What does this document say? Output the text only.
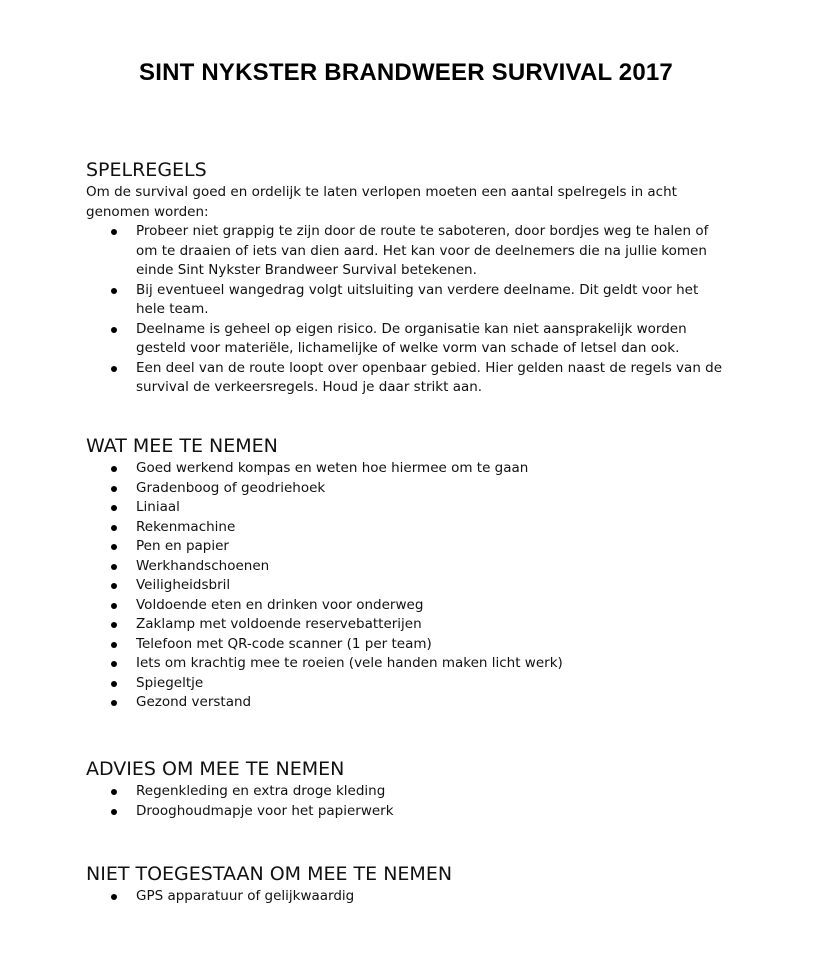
SINT NYKSTER BRANDWEER SURVIVAL 2017
SPELREGELS

Om de survival goed en ordelijk te laten verlopen moeten een aantal spelregels in acht genomen worden:

Probeer niet grappig te zijn door de route te saboteren, door bordjes weg te halen of om te draaien of iets van dien aard. Het kan voor de deelnemers die na jullie komen einde Sint Nykster Brandweer Survival betekenen.
Bij eventueel wangedrag volgt uitsluiting van verdere deelname. Dit geldt voor het hele team.
Deelname is geheel op eigen risico. De organisatie kan niet aansprakelijk worden gesteld voor materiële, lichamelijke of welke vorm van schade of letsel dan ook.
Een deel van de route loopt over openbaar gebied. Hier gelden naast de regels van de survival de verkeersregels. Houd je daar strikt aan.
WAT MEE TE NEMEN
Goed werkend kompas en weten hoe hiermee om te gaan
Gradenboog of geodriehoek
Liniaal
Rekenmachine
Pen en papier
Werkhandschoenen
Veiligheidsbril
Voldoende eten en drinken voor onderweg
Zaklamp met voldoende reservebatterijen
Telefoon met QR-code scanner (1 per team)
Iets om krachtig mee te roeien (vele handen maken licht werk)
Spiegeltje
Gezond verstand
ADVIES OM MEE TE NEMEN
Regenkleding en extra droge kleding
Drooghoudmapje voor het papierwerk
NIET TOEGESTAAN OM MEE TE NEMEN
GPS apparatuur of gelijkwaardig
